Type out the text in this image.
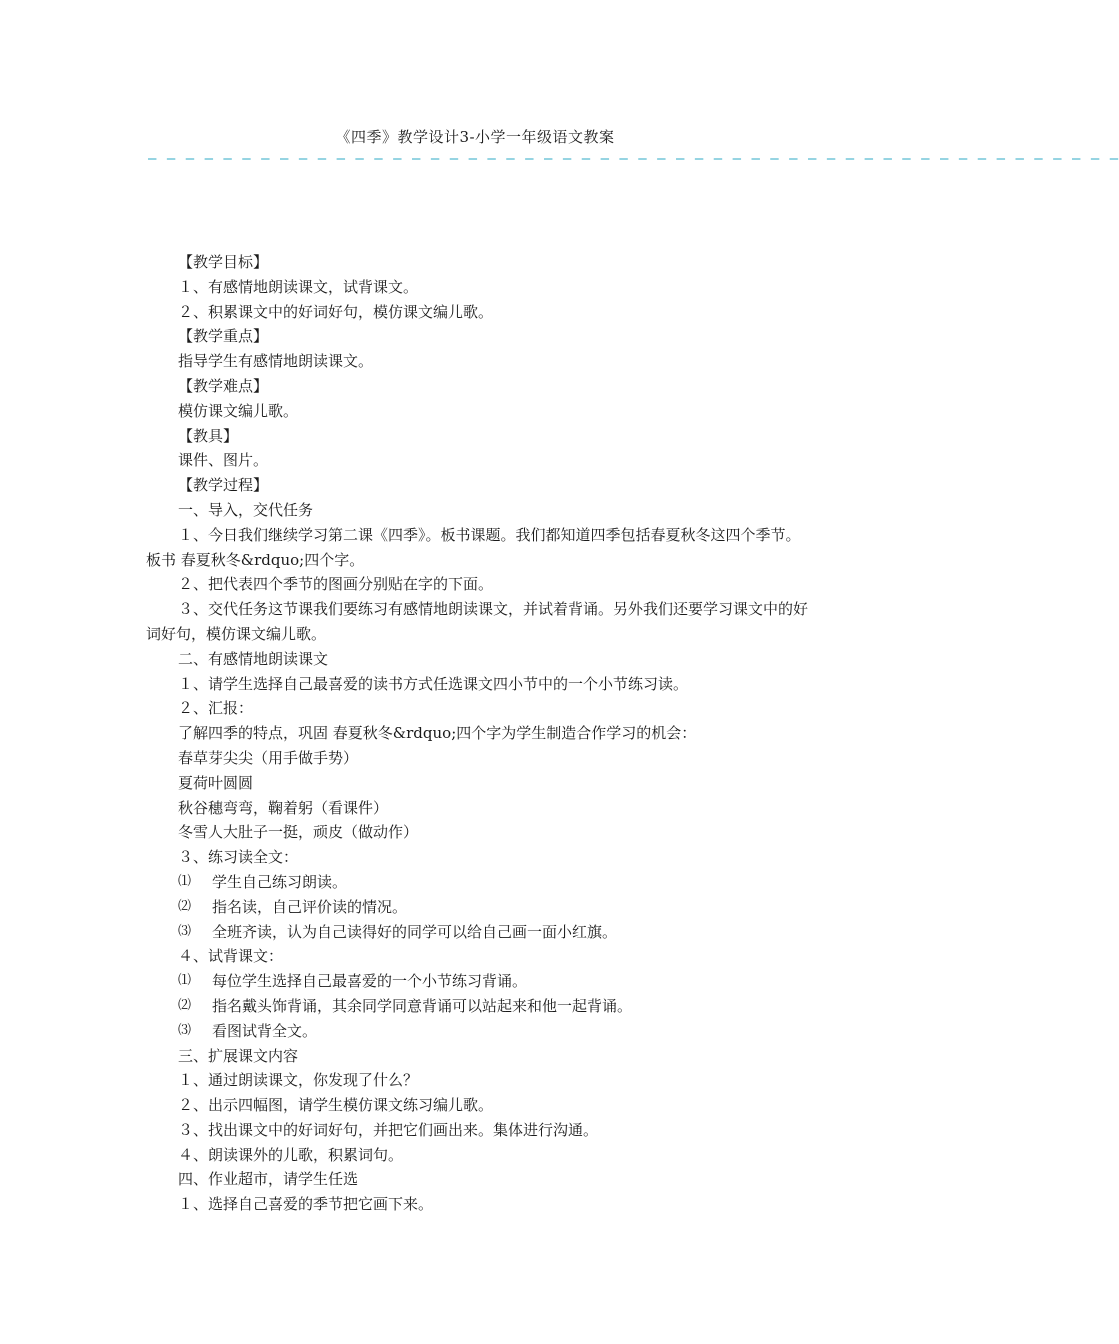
《四季》教学设计3-小学一年级语文教案
— — — — — — — — — — — — — — — — — — — — — — — — — — — — — — — — — — — — — — — — — — — — — — — — — — — —

【教学目标】

１、有感情地朗读课文，试背课文。

２、积累课文中的好词好句，模仿课文编儿歌。

【教学重点】

指导学生有感情地朗读课文。

【教学难点】

模仿课文编儿歌。

【教具】

课件、图片。

【教学过程】

一、导入，交代任务

１、今日我们继续学习第二课《四季》。板书课题。我们都知道四季包括春夏秋冬这四个季节。板书 春夏秋冬&rdquo;四个字。

２、把代表四个季节的图画分别贴在字的下面。

３、交代任务这节课我们要练习有感情地朗读课文，并试着背诵。另外我们还要学习课文中的好词好句，模仿课文编儿歌。

二、有感情地朗读课文

１、请学生选择自己最喜爱的读书方式任选课文四小节中的一个小节练习读。

２、汇报：

了解四季的特点，巩固 春夏秋冬&rdquo;四个字为学生制造合作学习的机会：

春草芽尖尖（用手做手势）

夏荷叶圆圆

秋谷穗弯弯，鞠着躬（看课件）

冬雪人大肚子一挺，顽皮（做动作）

３、练习读全文：

⑴	学生自己练习朗读。
⑵	指名读，自己评价读的情况。
⑶	全班齐读，认为自己读得好的同学可以给自己画一面小红旗。

４、试背课文：

⑴	每位学生选择自己最喜爱的一个小节练习背诵。
⑵	指名戴头饰背诵，其余同学同意背诵可以站起来和他一起背诵。
⑶	看图试背全文。

三、扩展课文内容

１、通过朗读课文，你发现了什么？

２、出示四幅图，请学生模仿课文练习编儿歌。

３、找出课文中的好词好句，并把它们画出来。集体进行沟通。

４、朗读课外的儿歌，积累词句。

四、作业超市，请学生任选

１、选择自己喜爱的季节把它画下来。
